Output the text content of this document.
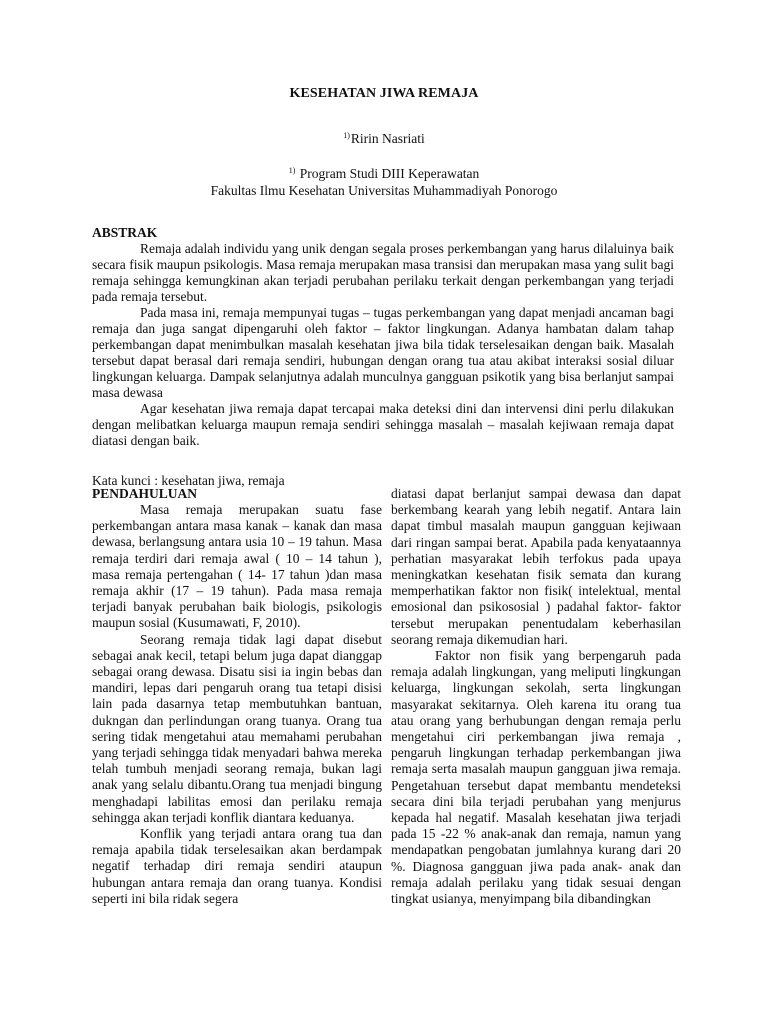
KESEHATAN JIWA REMAJA
$^{1)}$Ririn Nasriati
$^{1)}$ Program Studi DIII Keperawatan
Fakultas Ilmu Kesehatan Universitas Muhammadiyah Ponorogo
ABSTRAK

Remaja adalah individu yang unik dengan segala proses perkembangan yang harus dilaluinya baik secara fisik maupun psikologis. Masa remaja merupakan masa transisi dan merupakan masa yang sulit bagi remaja sehingga kemungkinan akan terjadi perubahan perilaku terkait dengan perkembangan yang terjadi pada remaja tersebut.

Pada masa ini, remaja mempunyai tugas – tugas perkembangan yang dapat menjadi ancaman bagi remaja dan juga sangat dipengaruhi oleh faktor – faktor lingkungan. Adanya hambatan dalam tahap perkembangan dapat menimbulkan masalah kesehatan jiwa bila tidak terselesaikan dengan baik. Masalah tersebut dapat berasal dari remaja sendiri, hubungan dengan orang tua atau akibat interaksi sosial diluar lingkungan keluarga. Dampak selanjutnya adalah munculnya gangguan psikotik yang bisa berlanjut sampai masa dewasa

Agar kesehatan jiwa remaja dapat tercapai maka deteksi dini dan intervensi dini perlu dilakukan dengan melibatkan keluarga maupun remaja sendiri sehingga masalah – masalah kejiwaan remaja dapat diatasi dengan baik.

Kata kunci : kesehatan jiwa, remaja
PENDAHULUAN

Masa remaja merupakan suatu fase perkembangan antara masa kanak – kanak dan masa dewasa, berlangsung antara usia 10 – 19 tahun. Masa remaja terdiri dari remaja awal ( 10 – 14 tahun ), masa remaja pertengahan ( 14- 17 tahun )dan masa remaja akhir (17 – 19 tahun). Pada masa remaja terjadi banyak perubahan baik biologis, psikologis maupun sosial (Kusumawati, F, 2010).

Seorang remaja tidak lagi dapat disebut sebagai anak kecil, tetapi belum juga dapat dianggap sebagai orang dewasa. Disatu sisi ia ingin bebas dan mandiri, lepas dari pengaruh orang tua tetapi disisi lain pada dasarnya tetap membutuhkan bantuan, dukngan dan perlindungan orang tuanya. Orang tua sering tidak mengetahui atau memahami perubahan yang terjadi sehingga tidak menyadari bahwa mereka telah tumbuh menjadi seorang remaja, bukan lagi anak yang selalu dibantu.Orang tua menjadi bingung menghadapi labilitas emosi dan perilaku remaja sehingga akan terjadi konflik diantara keduanya.

Konflik yang terjadi antara orang tua dan remaja apabila tidak terselesaikan akan berdampak negatif terhadap diri remaja sendiri ataupun hubungan antara remaja dan orang tuanya. Kondisi seperti ini bila ridak segera

diatasi dapat berlanjut sampai dewasa dan dapat berkembang kearah yang lebih negatif. Antara lain dapat timbul masalah maupun gangguan kejiwaan dari ringan sampai berat. Apabila pada kenyataannya perhatian masyarakat lebih terfokus pada upaya meningkatkan kesehatan fisik semata dan kurang memperhatikan faktor non fisik( intelektual, mental emosional dan psikososial ) padahal faktor- faktor tersebut merupakan penentudalam keberhasilan seorang remaja dikemudian hari.

Faktor non fisik yang berpengaruh pada remaja adalah lingkungan, yang meliputi lingkungan keluarga, lingkungan sekolah, serta lingkungan masyarakat sekitarnya. Oleh karena itu orang tua atau orang yang berhubungan dengan remaja perlu mengetahui ciri perkembangan jiwa remaja , pengaruh lingkungan terhadap perkembangan jiwa remaja serta masalah maupun gangguan jiwa remaja. Pengetahuan tersebut dapat membantu mendeteksi secara dini bila terjadi perubahan yang menjurus kepada hal negatif. Masalah kesehatan jiwa terjadi pada 15 -22 % anak-anak dan remaja, namun yang mendapatkan pengobatan jumlahnya kurang dari 20 %. Diagnosa gangguan jiwa pada anak- anak dan remaja adalah perilaku yang tidak sesuai dengan tingkat usianya, menyimpang bila dibandingkan
